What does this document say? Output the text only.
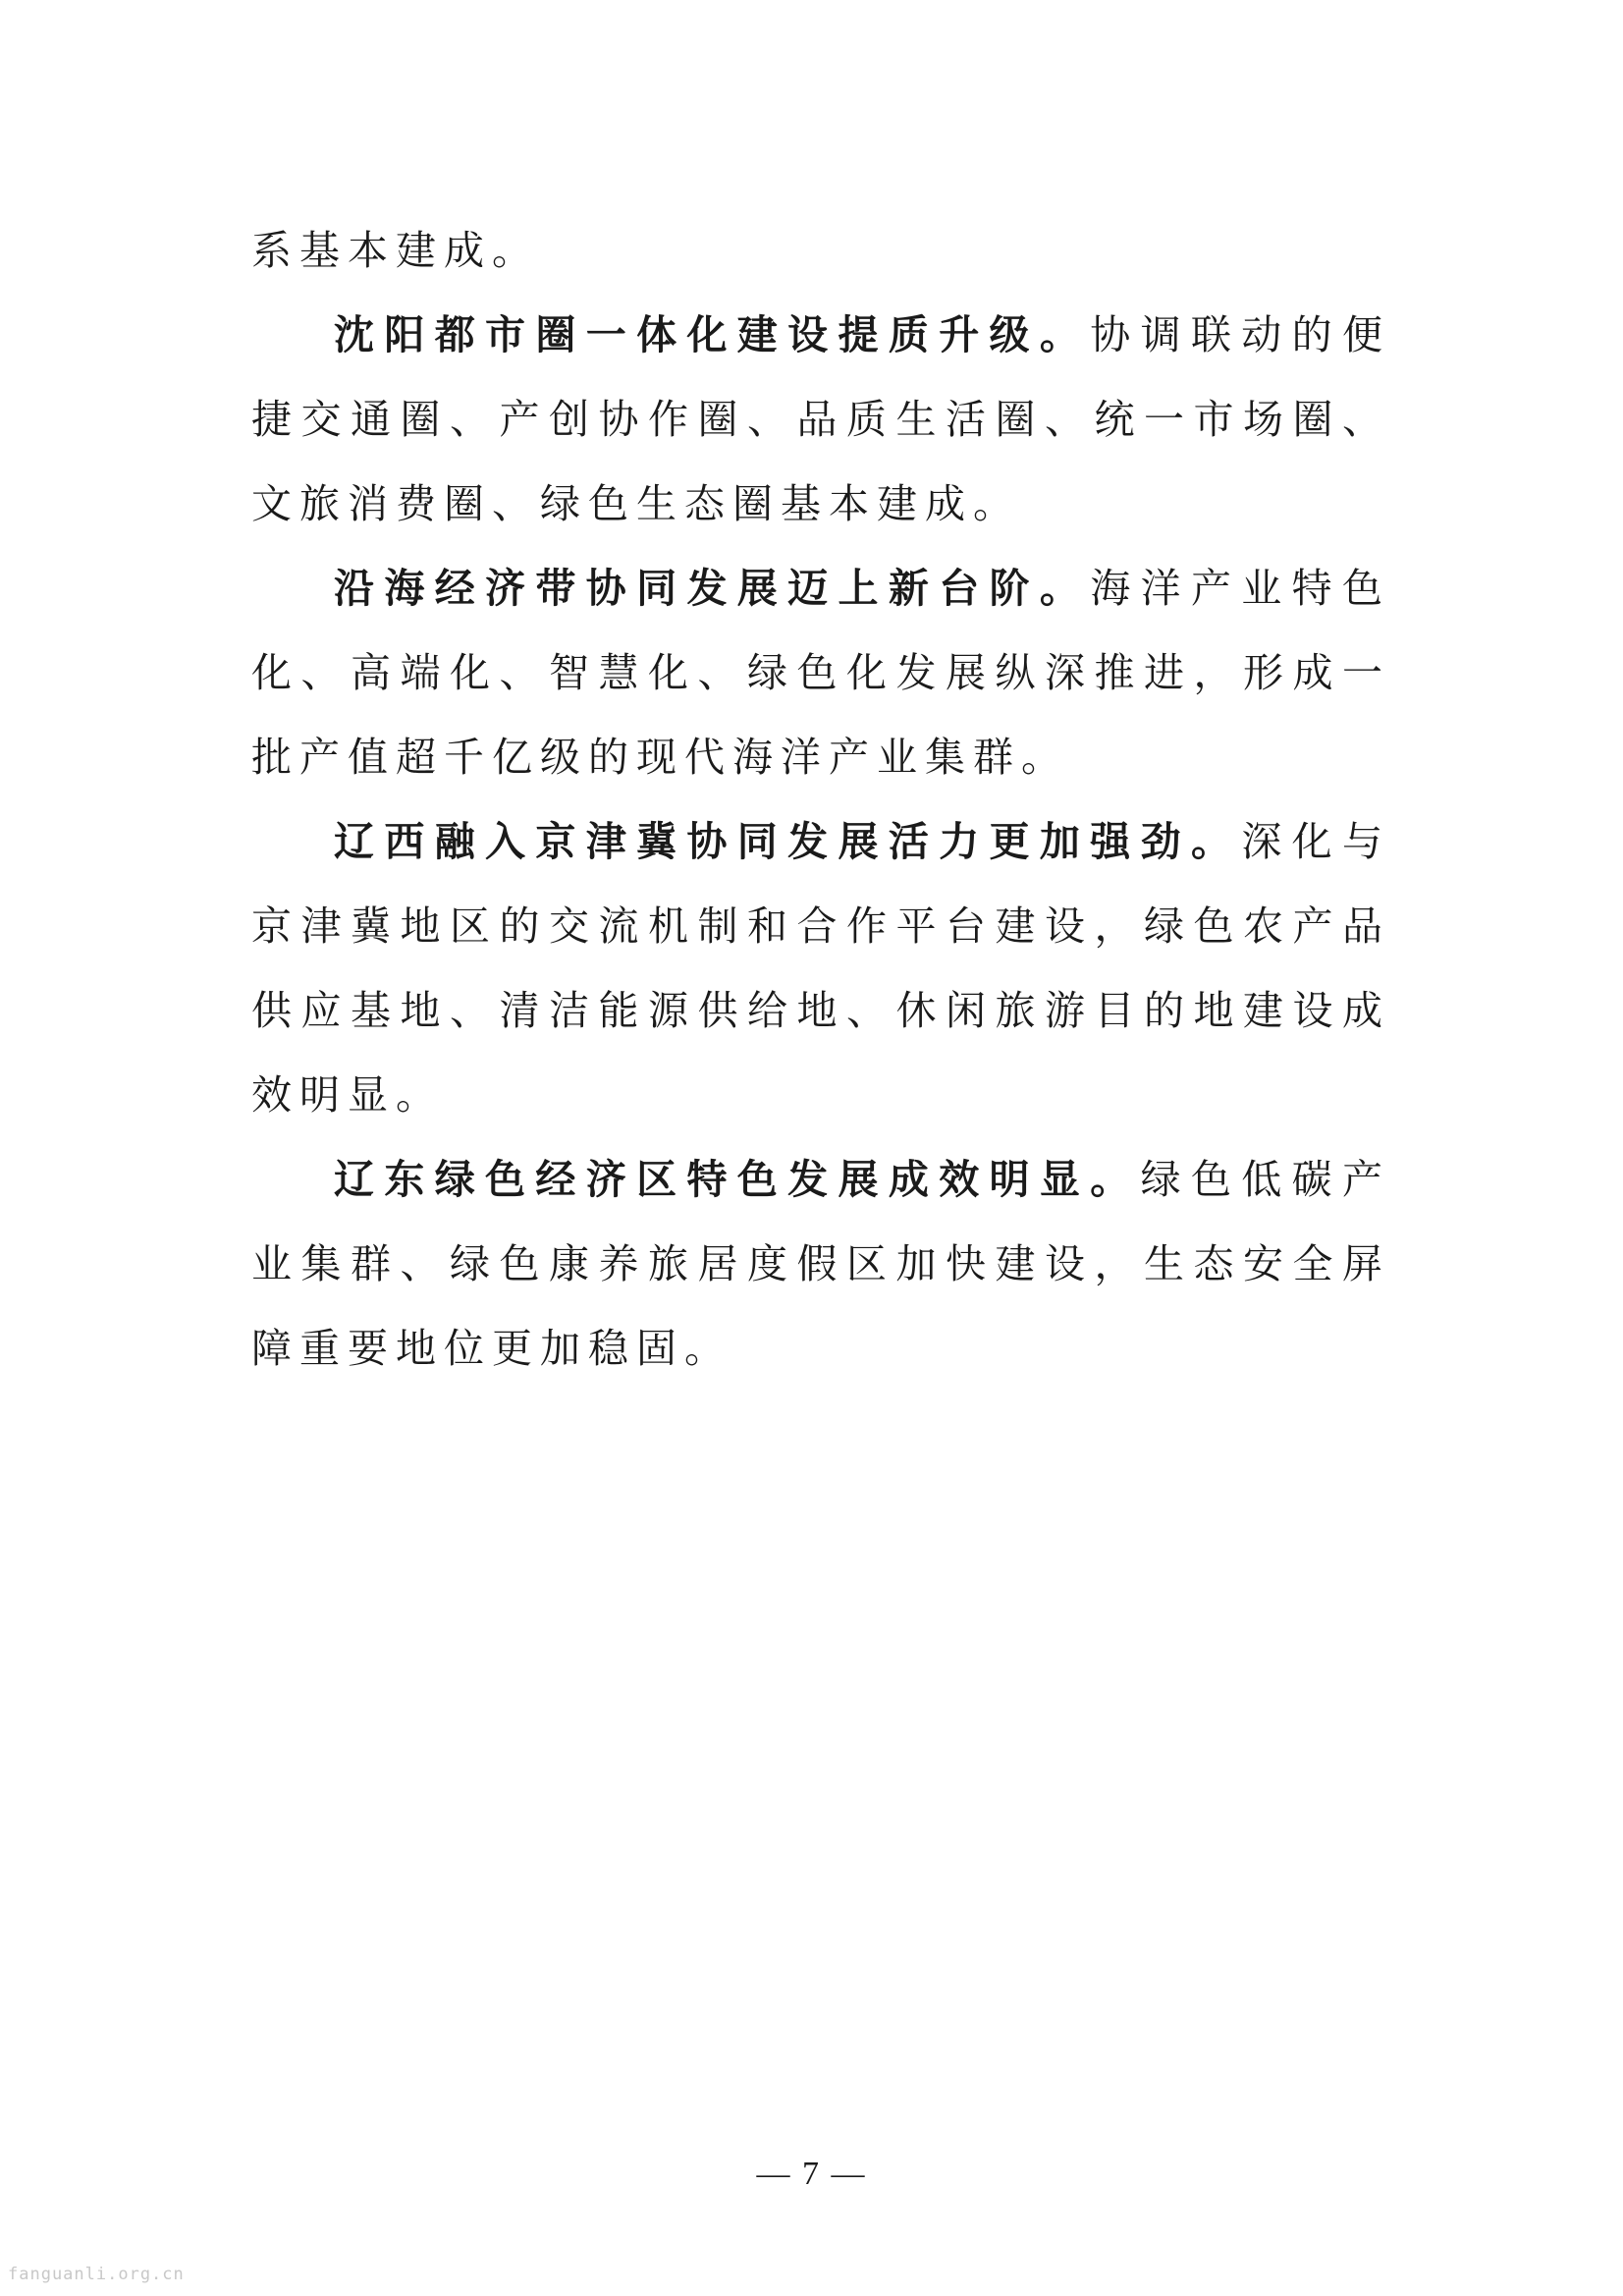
系基本建成。

沈阳都市圈一体化建设提质升级。协调联动的便捷交通圈、产创协作圈、品质生活圈、统一市场圈、文旅消费圈、绿色生态圈基本建成。

沿海经济带协同发展迈上新台阶。海洋产业特色化、高端化、智慧化、绿色化发展纵深推进，形成一批产值超千亿级的现代海洋产业集群。

辽西融入京津冀协同发展活力更加强劲。深化与京津冀地区的交流机制和合作平台建设，绿色农产品供应基地、清洁能源供给地、休闲旅游目的地建设成效明显。

辽东绿色经济区特色发展成效明显。绿色低碳产业集群、绿色康养旅居度假区加快建设，生态安全屏障重要地位更加稳固。

— 7 —
fanguanli.org.cn
